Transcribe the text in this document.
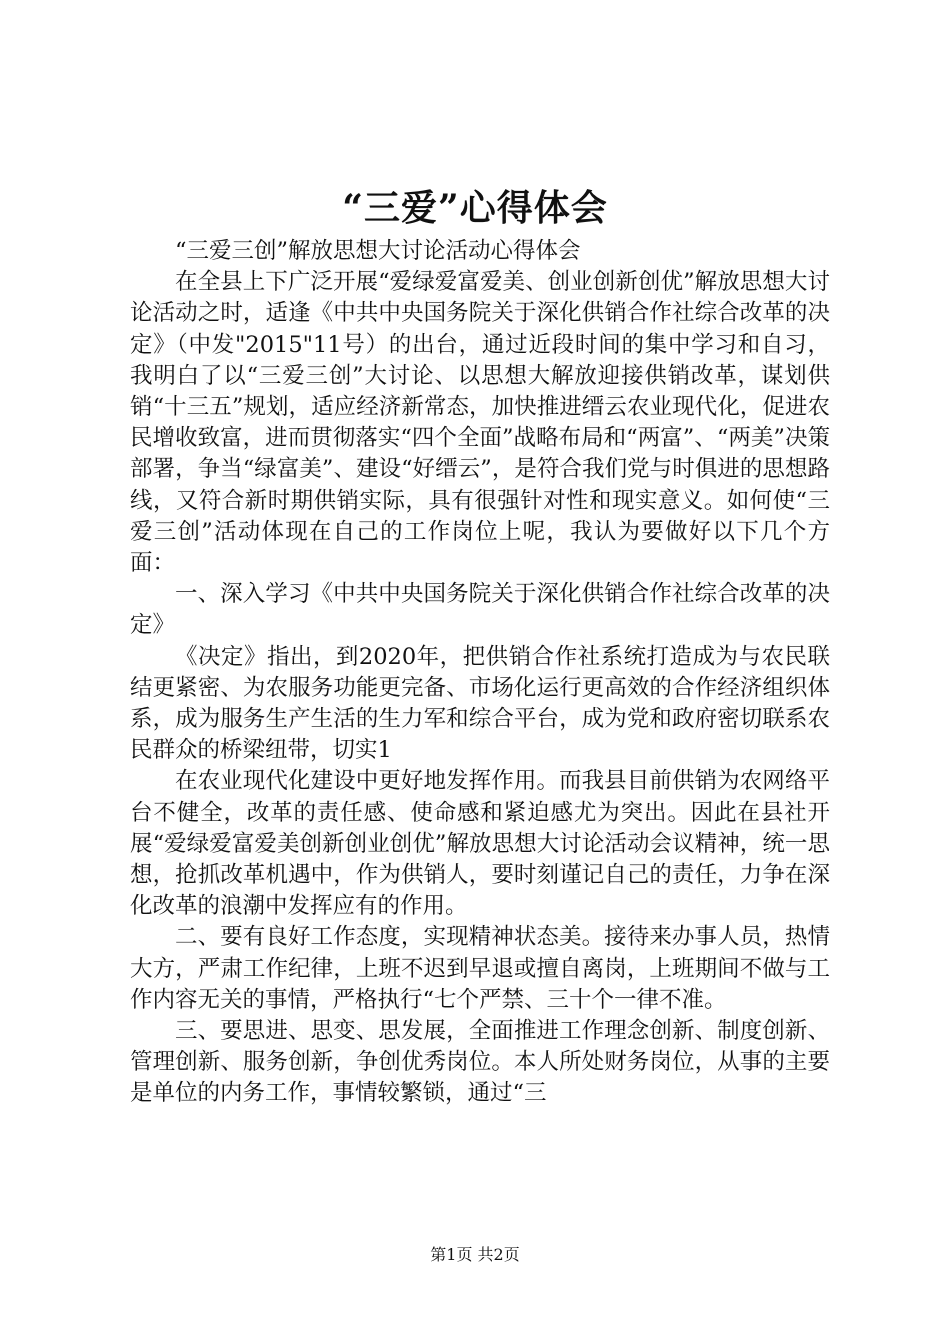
“三爱”心得体会

“三爱三创”解放思想大讨论活动心得体会

在全县上下广泛开展“爱绿爱富爱美、创业创新创优”解放思想大讨论活动之时，适逢《中共中央国务院关于深化供销合作社综合改革的决定》（中发"2015"11号）的出台，通过近段时间的集中学习和自习，我明白了以“三爱三创”大讨论、以思想大解放迎接供销改革，谋划供销“十三五”规划，适应经济新常态，加快推进缙云农业现代化，促进农民增收致富，进而贯彻落实“四个全面”战略布局和“两富”、“两美”决策部署，争当“绿富美”、建设“好缙云”，是符合我们党与时俱进的思想路线，又符合新时期供销实际，具有很强针对性和现实意义。如何使“三爱三创”活动体现在自己的工作岗位上呢，我认为要做好以下几个方面：

一、深入学习《中共中央国务院关于深化供销合作社综合改革的决定》

《决定》指出，到2020年，把供销合作社系统打造成为与农民联结更紧密、为农服务功能更完备、市场化运行更高效的合作经济组织体系，成为服务生产生活的生力军和综合平台，成为党和政府密切联系农民群众的桥梁纽带，切实1

在农业现代化建设中更好地发挥作用。而我县目前供销为农网络平台不健全，改革的责任感、使命感和紧迫感尤为突出。因此在县社开展“爱绿爱富爱美创新创业创优”解放思想大讨论活动会议精神，统一思想，抢抓改革机遇中，作为供销人，要时刻谨记自己的责任，力争在深化改革的浪潮中发挥应有的作用。

二、要有良好工作态度，实现精神状态美。接待来办事人员，热情大方，严肃工作纪律，上班不迟到早退或擅自离岗，上班期间不做与工作内容无关的事情，严格执行“七个严禁、三十个一律不准。

三、要思进、思变、思发展，全面推进工作理念创新、制度创新、管理创新、服务创新，争创优秀岗位。本人所处财务岗位，从事的主要是单位的内务工作，事情较繁锁，通过“三

第1页 共2页
